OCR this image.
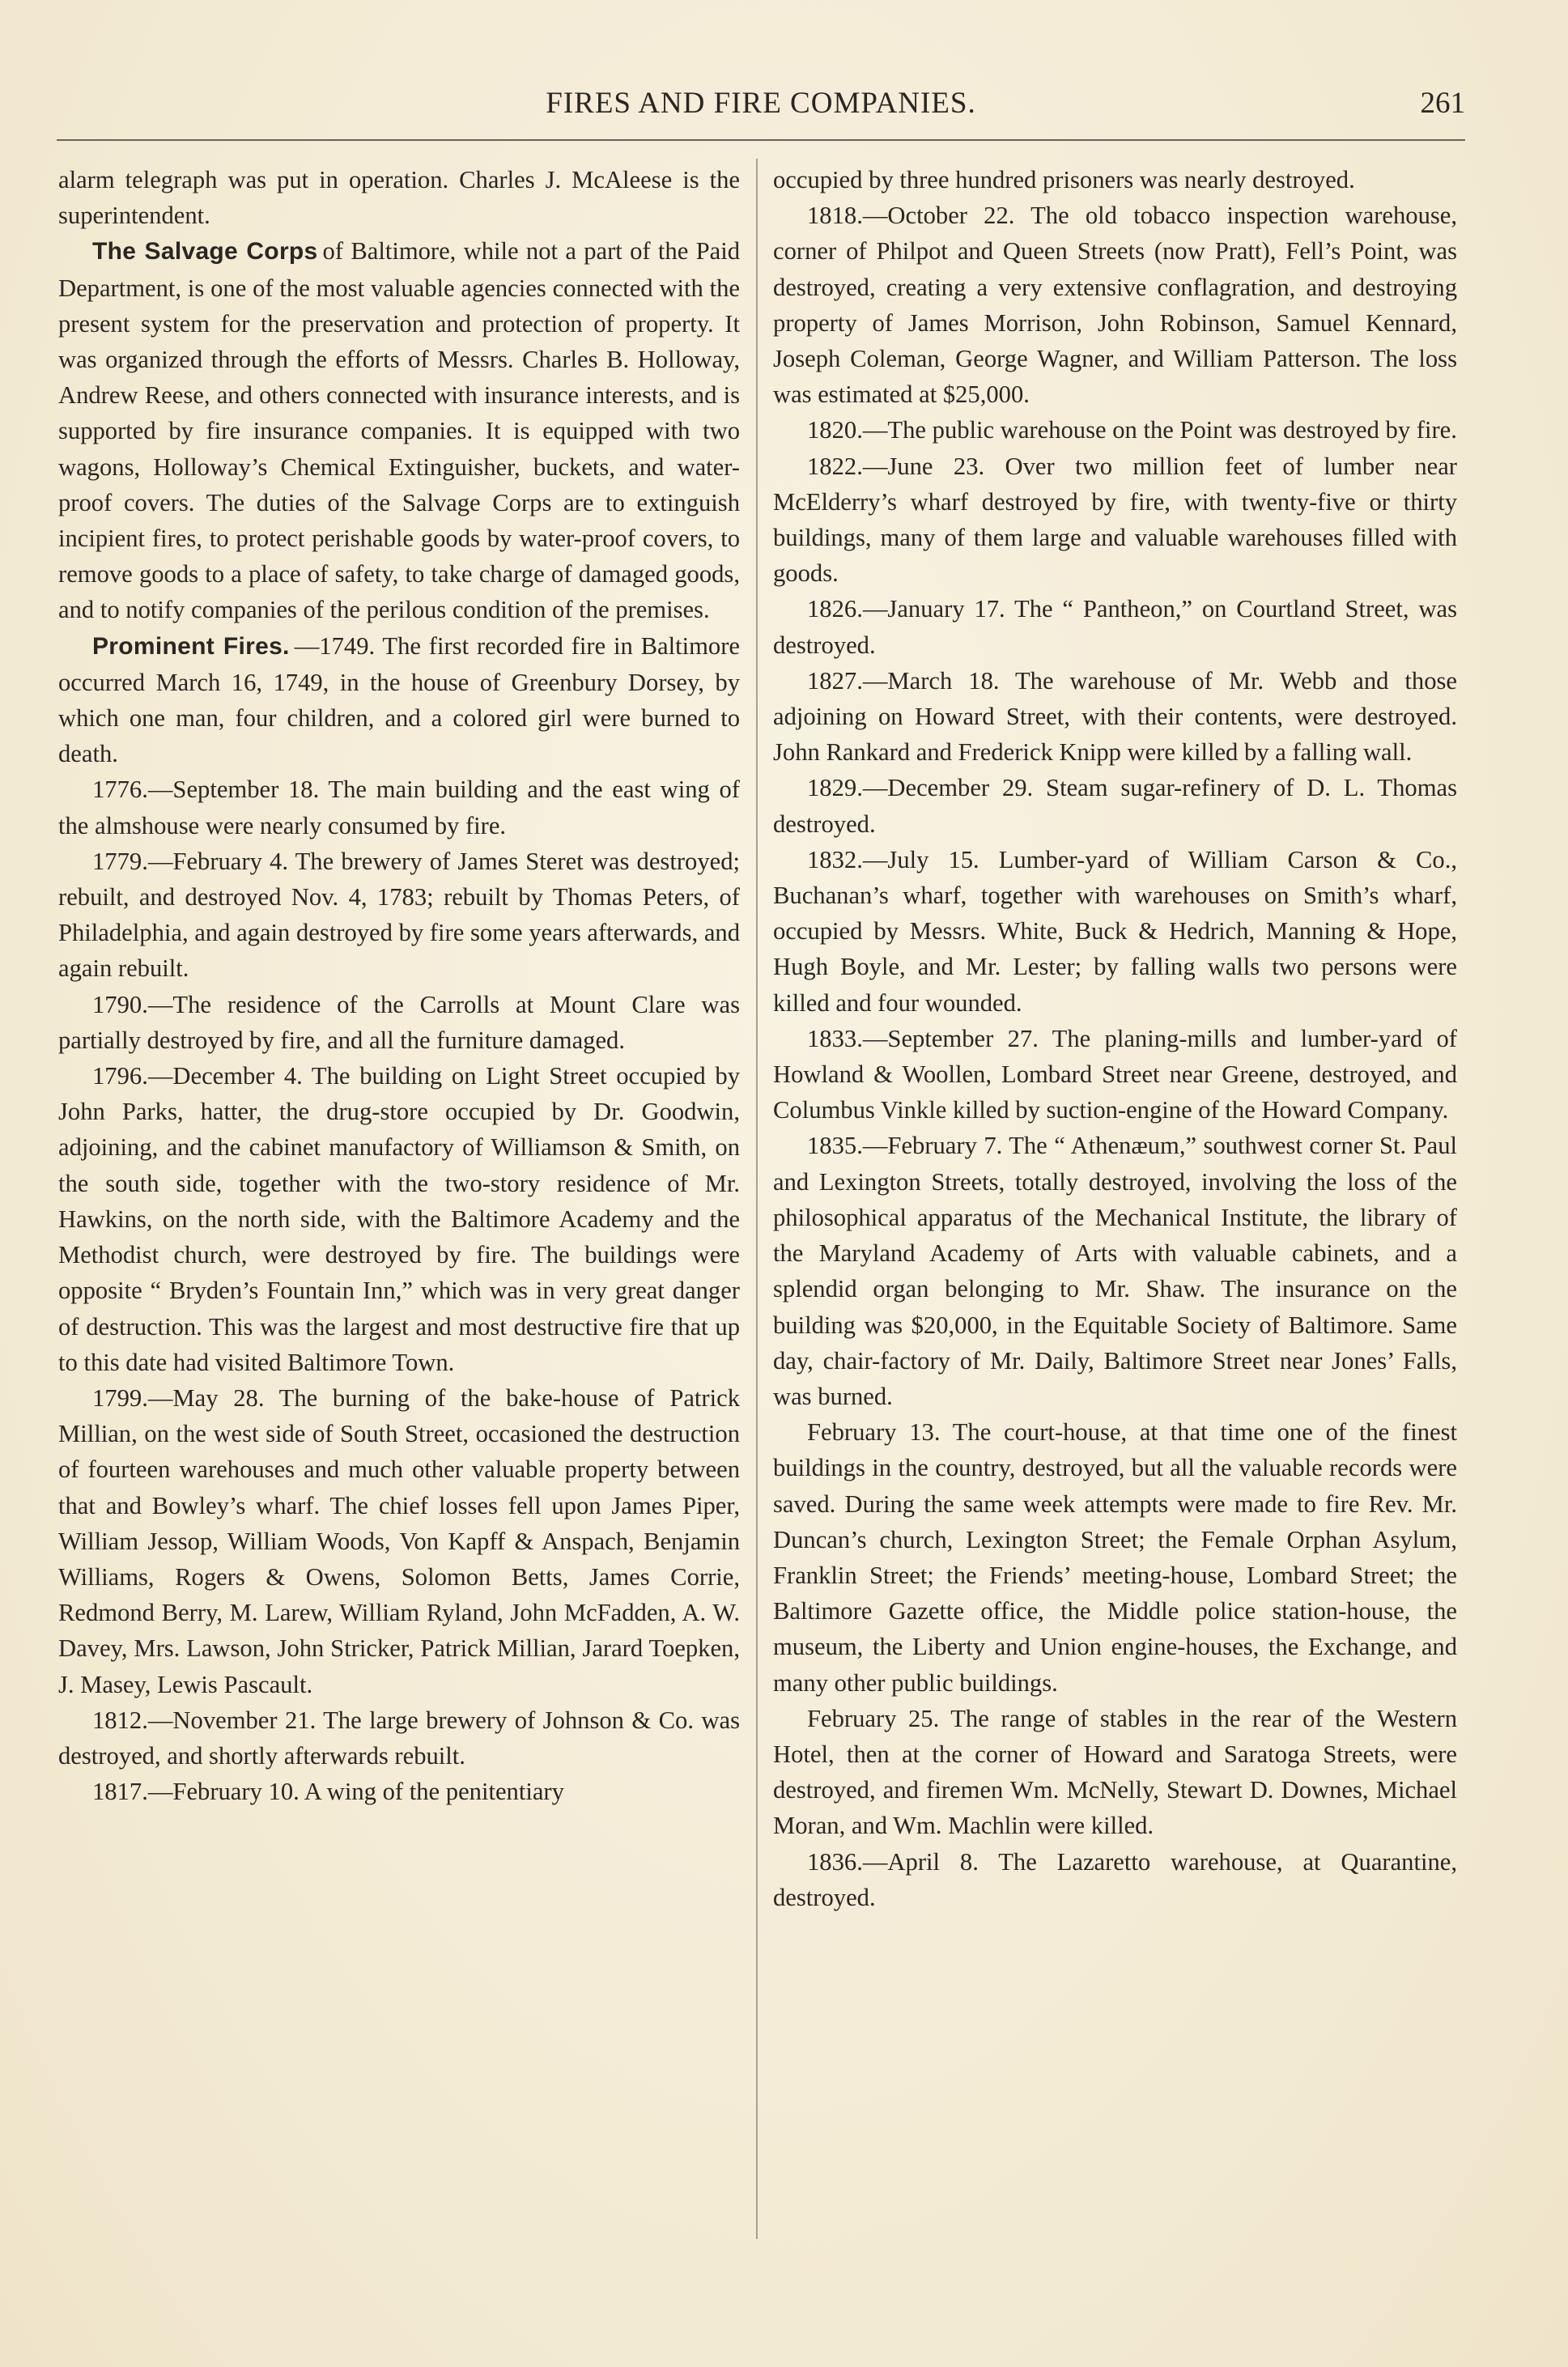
FIRES AND FIRE COMPANIES.	261

alarm telegraph was put in operation. Charles J. McAleese is the superintendent.

The Salvage Corps of Baltimore, while not a part of the Paid Department, is one of the most valuable agencies connected with the present system for the preservation and protection of property. It was organized through the efforts of Messrs. Charles B. Holloway, Andrew Reese, and others connected with insurance interests, and is supported by fire insurance companies. It is equipped with two wagons, Holloway’s Chemical Extinguisher, buckets, and water-proof covers. The duties of the Salvage Corps are to extinguish incipient fires, to protect perishable goods by water-proof covers, to remove goods to a place of safety, to take charge of damaged goods, and to notify companies of the perilous condition of the premises.

Prominent Fires. —1749. The first recorded fire in Baltimore occurred March 16, 1749, in the house of Greenbury Dorsey, by which one man, four children, and a colored girl were burned to death.

1776.—September 18. The main building and the east wing of the almshouse were nearly consumed by fire.

1779.—February 4. The brewery of James Steret was destroyed; rebuilt, and destroyed Nov. 4, 1783; rebuilt by Thomas Peters, of Philadelphia, and again destroyed by fire some years afterwards, and again rebuilt.

1790.—The residence of the Carrolls at Mount Clare was partially destroyed by fire, and all the furniture damaged.

1796.—December 4. The building on Light Street occupied by John Parks, hatter, the drug-store occupied by Dr. Goodwin, adjoining, and the cabinet manufactory of Williamson & Smith, on the south side, together with the two-story residence of Mr. Hawkins, on the north side, with the Baltimore Academy and the Methodist church, were destroyed by fire. The buildings were opposite “ Bryden’s Fountain Inn,” which was in very great danger of destruction. This was the largest and most destructive fire that up to this date had visited Baltimore Town.

1799.—May 28. The burning of the bake-house of Patrick Millian, on the west side of South Street, occasioned the destruction of fourteen warehouses and much other valuable property between that and Bowley’s wharf. The chief losses fell upon James Piper, William Jessop, William Woods, Von Kapff & Anspach, Benjamin Williams, Rogers & Owens, Solomon Betts, James Corrie, Redmond Berry, M. Larew, William Ryland, John McFadden, A. W. Davey, Mrs. Lawson, John Stricker, Patrick Millian, Jarard Toepken, J. Masey, Lewis Pascault.

1812.—November 21. The large brewery of Johnson & Co. was destroyed, and shortly afterwards rebuilt.

1817.—February 10. A wing of the penitentiary

occupied by three hundred prisoners was nearly destroyed.

1818.—October 22. The old tobacco inspection warehouse, corner of Philpot and Queen Streets (now Pratt), Fell’s Point, was destroyed, creating a very extensive conflagration, and destroying property of James Morrison, John Robinson, Samuel Kennard, Joseph Coleman, George Wagner, and William Patterson. The loss was estimated at $25,000.

1820.—The public warehouse on the Point was destroyed by fire.

1822.—June 23. Over two million feet of lumber near McElderry’s wharf destroyed by fire, with twenty-five or thirty buildings, many of them large and valuable warehouses filled with goods.

1826.—January 17. The “ Pantheon,” on Courtland Street, was destroyed.

1827.—March 18. The warehouse of Mr. Webb and those adjoining on Howard Street, with their contents, were destroyed. John Rankard and Frederick Knipp were killed by a falling wall.

1829.—December 29. Steam sugar-refinery of D. L. Thomas destroyed.

1832.—July 15. Lumber-yard of William Carson & Co., Buchanan’s wharf, together with warehouses on Smith’s wharf, occupied by Messrs. White, Buck & Hedrich, Manning & Hope, Hugh Boyle, and Mr. Lester; by falling walls two persons were killed and four wounded.

1833.—September 27. The planing-mills and lumber-yard of Howland & Woollen, Lombard Street near Greene, destroyed, and Columbus Vinkle killed by suction-engine of the Howard Company.

1835.—February 7. The “ Athenæum,” southwest corner St. Paul and Lexington Streets, totally destroyed, involving the loss of the philosophical apparatus of the Mechanical Institute, the library of the Maryland Academy of Arts with valuable cabinets, and a splendid organ belonging to Mr. Shaw. The insurance on the building was $20,000, in the Equitable Society of Baltimore. Same day, chair-factory of Mr. Daily, Baltimore Street near Jones’ Falls, was burned.

February 13. The court-house, at that time one of the finest buildings in the country, destroyed, but all the valuable records were saved. During the same week attempts were made to fire Rev. Mr. Duncan’s church, Lexington Street; the Female Orphan Asylum, Franklin Street; the Friends’ meeting-house, Lombard Street; the Baltimore Gazette office, the Middle police station-house, the museum, the Liberty and Union engine-houses, the Exchange, and many other public buildings.

February 25. The range of stables in the rear of the Western Hotel, then at the corner of Howard and Saratoga Streets, were destroyed, and firemen Wm. McNelly, Stewart D. Downes, Michael Moran, and Wm. Machlin were killed.

1836.—April 8. The Lazaretto warehouse, at Quarantine, destroyed.
